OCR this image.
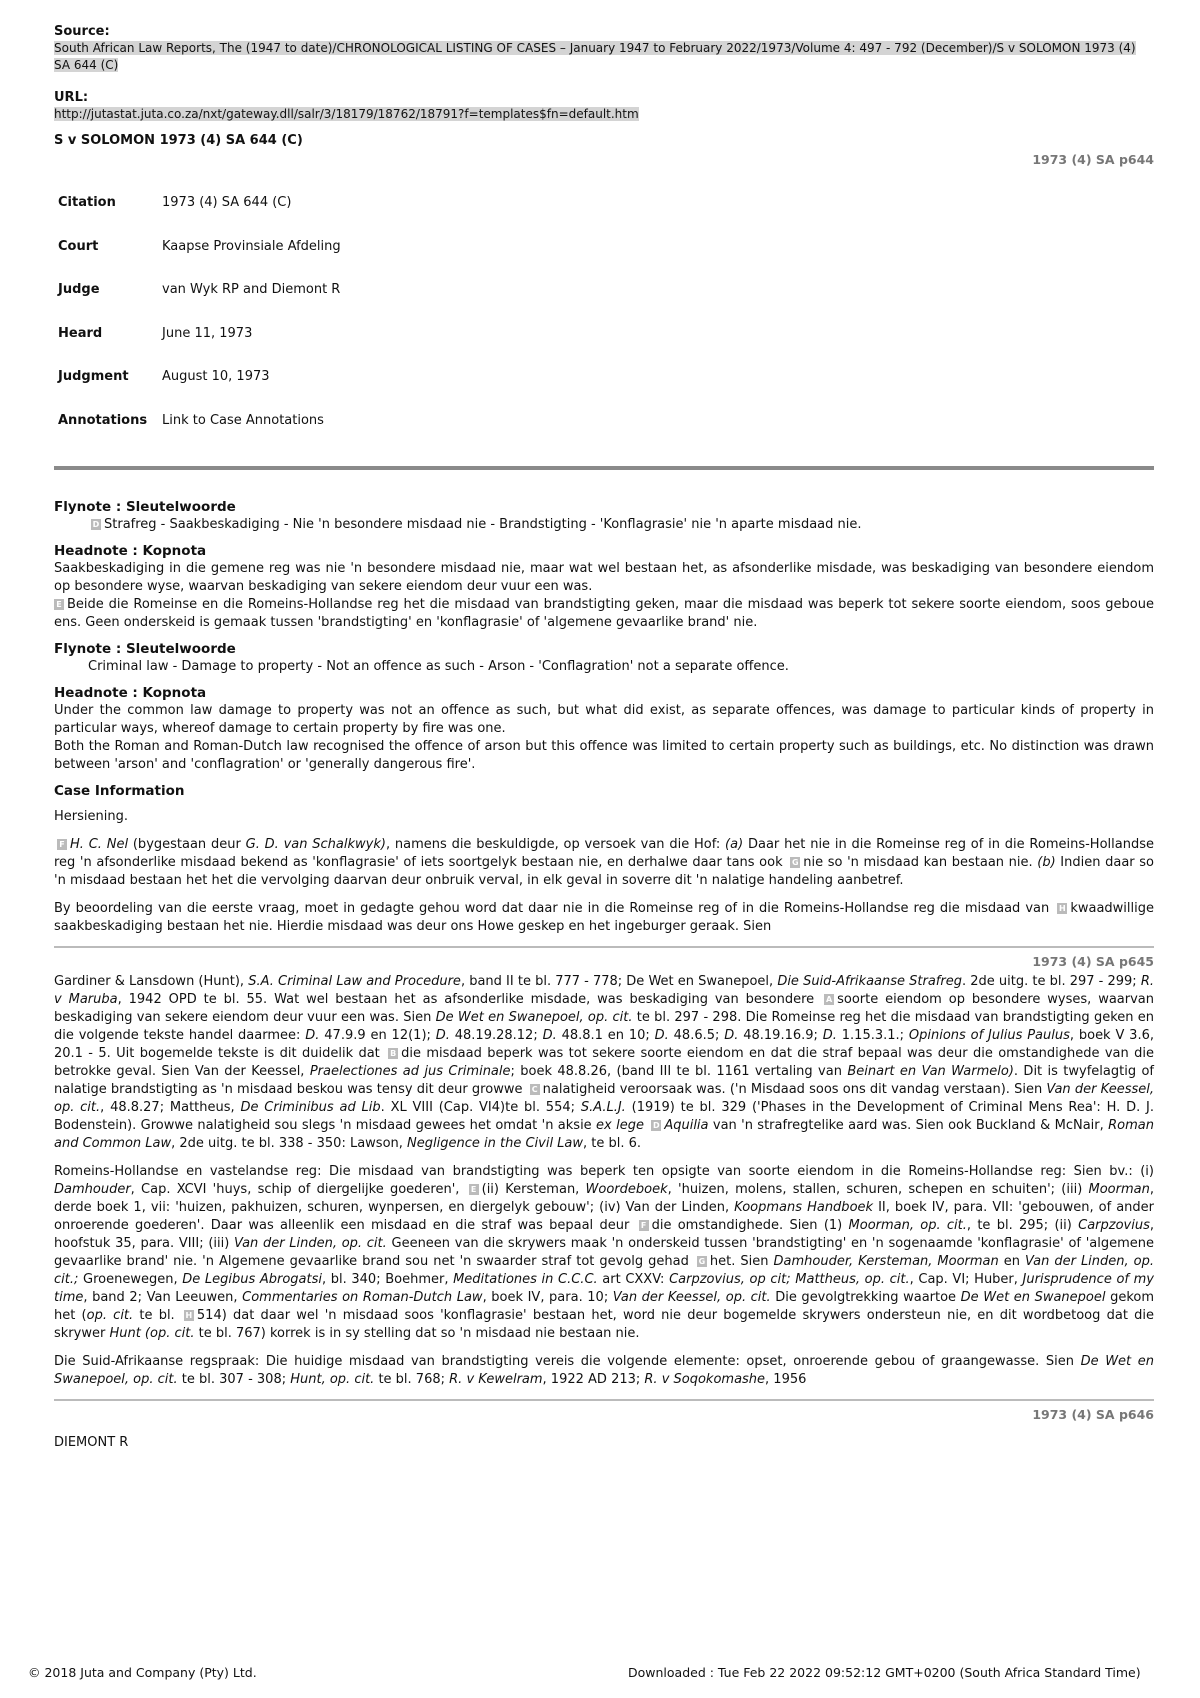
Source:
South African Law Reports, The (1947 to date)/CHRONOLOGICAL LISTING OF CASES – January 1947 to February 2022/1973/Volume 4: 497 - 792 (December)/S v SOLOMON 1973 (4) SA 644 (C)
URL:
http://jutastat.juta.co.za/nxt/gateway.dll/salr/3/18179/18762/18791?f=templates$fn=default.htm
S v SOLOMON 1973 (4) SA 644 (C)
1973 (4) SA p644
Citation	1973 (4) SA 644 (C)
Court	Kaapse Provinsiale Afdeling
Judge	van Wyk RP and Diemont R
Heard	June 11, 1973
Judgment	August 10, 1973
Annotations	Link to Case Annotations
Flynote : Sleutelwoorde

D Strafreg - Saakbeskadiging - Nie 'n besondere misdaad nie - Brandstigting - 'Konflagrasie' nie 'n aparte misdaad nie.

Headnote : Kopnota

Saakbeskadiging in die gemene reg was nie 'n besondere misdaad nie, maar wat wel bestaan het, as afsonderlike misdade, was beskadiging van besondere eiendom op besondere wyse, waarvan beskadiging van sekere eiendom deur vuur een was.

E Beide die Romeinse en die Romeins-Hollandse reg het die misdaad van brandstigting geken, maar die misdaad was beperk tot sekere soorte eiendom, soos geboue ens. Geen onderskeid is gemaak tussen 'brandstigting' en 'konflagrasie' of 'algemene gevaarlike brand' nie.

Flynote : Sleutelwoorde

Criminal law - Damage to property - Not an offence as such - Arson - 'Conflagration' not a separate offence.

Headnote : Kopnota

Under the common law damage to property was not an offence as such, but what did exist, as separate offences, was damage to particular kinds of property in particular ways, whereof damage to certain property by fire was one.

Both the Roman and Roman-Dutch law recognised the offence of arson but this offence was limited to certain property such as buildings, etc. No distinction was drawn between 'arson' and 'conflagration' or 'generally dangerous fire'.

Case Information

Hersiening.

F H. C. Nel (bygestaan deur G. D. van Schalkwyk), namens die beskuldigde, op versoek van die Hof: (a) Daar het nie in die Romeinse reg of in die Romeins-Hollandse reg 'n afsonderlike misdaad bekend as 'konflagrasie' of iets soortgelyk bestaan nie, en derhalwe daar tans ook G nie so 'n misdaad kan bestaan nie. (b) Indien daar so 'n misdaad bestaan het het die vervolging daarvan deur onbruik verval, in elk geval in soverre dit 'n nalatige handeling aanbetref.

By beoordeling van die eerste vraag, moet in gedagte gehou word dat daar nie in die Romeinse reg of in die Romeins-Hollandse reg die misdaad van H kwaadwillige saakbeskadiging bestaan het nie. Hierdie misdaad was deur ons Howe geskep en het ingeburger geraak. Sien

1973 (4) SA p645

Gardiner & Lansdown (Hunt), S.A. Criminal Law and Procedure, band II te bl. 777 - 778; De Wet en Swanepoel, Die Suid-Afrikaanse Strafreg. 2de uitg. te bl. 297 - 299; R. v Maruba, 1942 OPD te bl. 55. Wat wel bestaan het as afsonderlike misdade, was beskadiging van besondere A soorte eiendom op besondere wyses, waarvan beskadiging van sekere eiendom deur vuur een was. Sien De Wet en Swanepoel, op. cit. te bl. 297 - 298. Die Romeinse reg het die misdaad van brandstigting geken en die volgende tekste handel daarmee: D. 47.9.9 en 12(1); D. 48.19.28.12; D. 48.8.1 en 10; D. 48.6.5; D. 48.19.16.9; D. 1.15.3.1.; Opinions of Julius Paulus, boek V 3.6, 20.1 - 5. Uit bogemelde tekste is dit duidelik dat B die misdaad beperk was tot sekere soorte eiendom en dat die straf bepaal was deur die omstandighede van die betrokke geval. Sien Van der Keessel, Praelectiones ad jus Criminale; boek 48.8.26, (band III te bl. 1161 vertaling van Beinart en Van Warmelo). Dit is twyfelagtig of nalatige brandstigting as 'n misdaad beskou was tensy dit deur growwe C nalatigheid veroorsaak was. ('n Misdaad soos ons dit vandag verstaan). Sien Van der Keessel, op. cit., 48.8.27; Mattheus, De Criminibus ad Lib. XL VIII (Cap. VI4)te bl. 554; S.A.L.J. (1919) te bl. 329 ('Phases in the Development of Criminal Mens Rea': H. D. J. Bodenstein). Growwe nalatigheid sou slegs 'n misdaad gewees het omdat 'n aksie ex lege D Aquilia van 'n strafregtelike aard was. Sien ook Buckland & McNair, Roman and Common Law, 2de uitg. te bl. 338 - 350: Lawson, Negligence in the Civil Law, te bl. 6.

Romeins-Hollandse en vastelandse reg: Die misdaad van brandstigting was beperk ten opsigte van soorte eiendom in die Romeins-Hollandse reg: Sien bv.: (i) Damhouder, Cap. XCVI 'huys, schip of diergelijke goederen', E (ii) Kersteman, Woordeboek, 'huizen, molens, stallen, schuren, schepen en schuiten'; (iii) Moorman, derde boek 1, vii: 'huizen, pakhuizen, schuren, wynpersen, en diergelyk gebouw'; (iv) Van der Linden, Koopmans Handboek II, boek IV, para. VII: 'gebouwen, of ander onroerende goederen'. Daar was alleenlik een misdaad en die straf was bepaal deur F die omstandighede. Sien (1) Moorman, op. cit., te bl. 295; (ii) Carpzovius, hoofstuk 35, para. VIII; (iii) Van der Linden, op. cit. Geeneen van die skrywers maak 'n onderskeid tussen 'brandstigting' en 'n sogenaamde 'konflagrasie' of 'algemene gevaarlike brand' nie. 'n Algemene gevaarlike brand sou net 'n swaarder straf tot gevolg gehad G het. Sien Damhouder, Kersteman, Moorman en Van der Linden, op. cit.; Groenewegen, De Legibus Abrogatsi, bl. 340; Boehmer, Meditationes in C.C.C. art CXXV: Carpzovius, op cit; Mattheus, op. cit., Cap. VI; Huber, Jurisprudence of my time, band 2; Van Leeuwen, Commentaries on Roman-Dutch Law, boek IV, para. 10; Van der Keessel, op. cit. Die gevolgtrekking waartoe De Wet en Swanepoel gekom het (op. cit. te bl. H 514) dat daar wel 'n misdaad soos 'konflagrasie' bestaan het, word nie deur bogemelde skrywers ondersteun nie, en dit wordbetoog dat die skrywer Hunt (op. cit. te bl. 767) korrek is in sy stelling dat so 'n misdaad nie bestaan nie.

Die Suid-Afrikaanse regspraak: Die huidige misdaad van brandstigting vereis die volgende elemente: opset, onroerende gebou of graangewasse. Sien De Wet en Swanepoel, op. cit. te bl. 307 - 308; Hunt, op. cit. te bl. 768; R. v Kewelram, 1922 AD 213; R. v Soqokomashe, 1956

1973 (4) SA p646

DIEMONT R

© 2018 Juta and Company (Pty) Ltd.	Downloaded : Tue Feb 22 2022 09:52:12 GMT+0200 (South Africa Standard Time)
